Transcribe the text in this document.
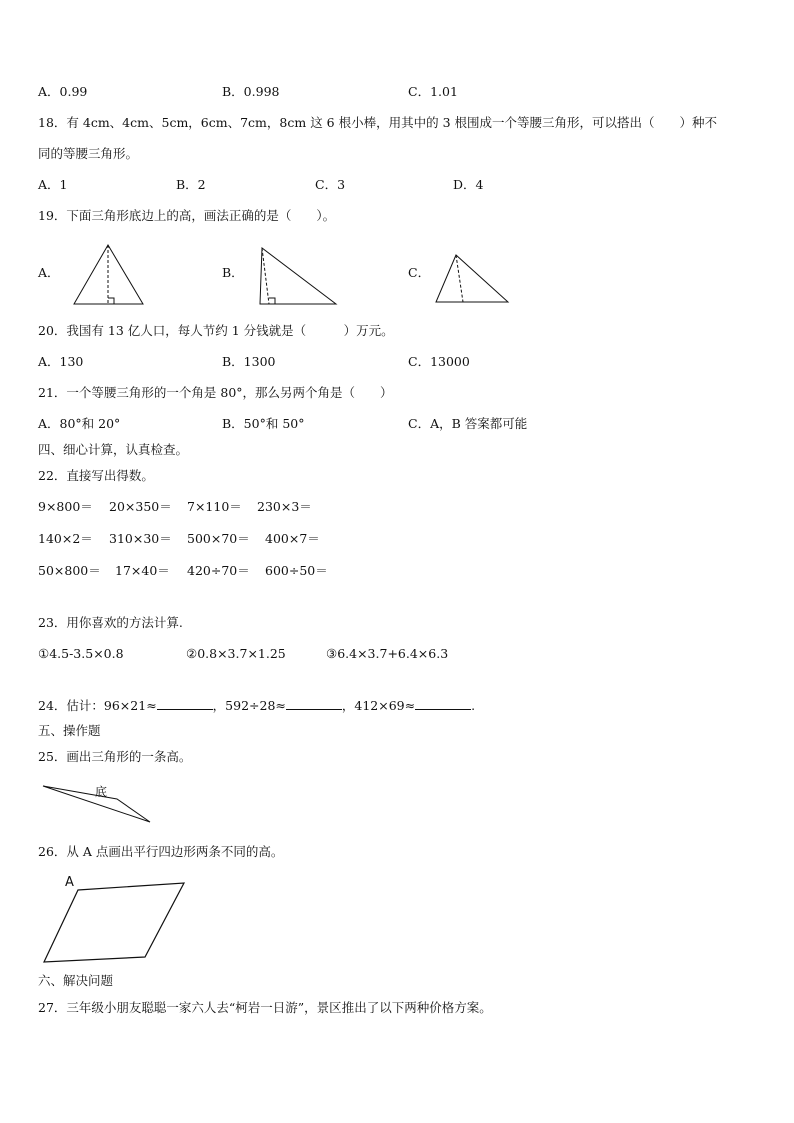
A．0.99	B．0.998	C．1.01
18．有 4cm、4cm、5cm，6cm、7cm，8cm 这 6 根小棒，用其中的 3 根围成一个等腰三角形，可以搭出（　　）种不
同的等腰三角形。
A．1	B．2	C．3	D．4
19．下面三角形底边上的高，画法正确的是（　　）。
A．	B．	C．
底
A
20．我国有 13 亿人口，每人节约 1 分钱就是（　　　）万元。
A．130	B．1300	C．13000
21．一个等腰三角形的一个角是 80°，那么另两个角是（　　）
A．80°和 20°	B．50°和 50°	C．A，B 答案都可能
四、细心计算，认真检查。
22．直接写出得数。
9×800＝ 20×350＝ 7×110＝ 230×3＝
140×2＝ 310×30＝ 500×70＝ 400×7＝
50×800＝ 17×40＝ 420÷70＝ 600÷50＝
23．用你喜欢的方法计算.
①4.5-3.5×0.8	②0.8×3.7×1.25	③6.4×3.7+6.4×6.3
24．估计：96×21≈	，592÷28≈	，412×69≈	.
五、操作题
25．画出三角形的一条高。
26．从 A 点画出平行四边形两条不同的高。
六、解决问题
27．三年级小朋友聪聪一家六人去“柯岩一日游”，景区推出了以下两种价格方案。
